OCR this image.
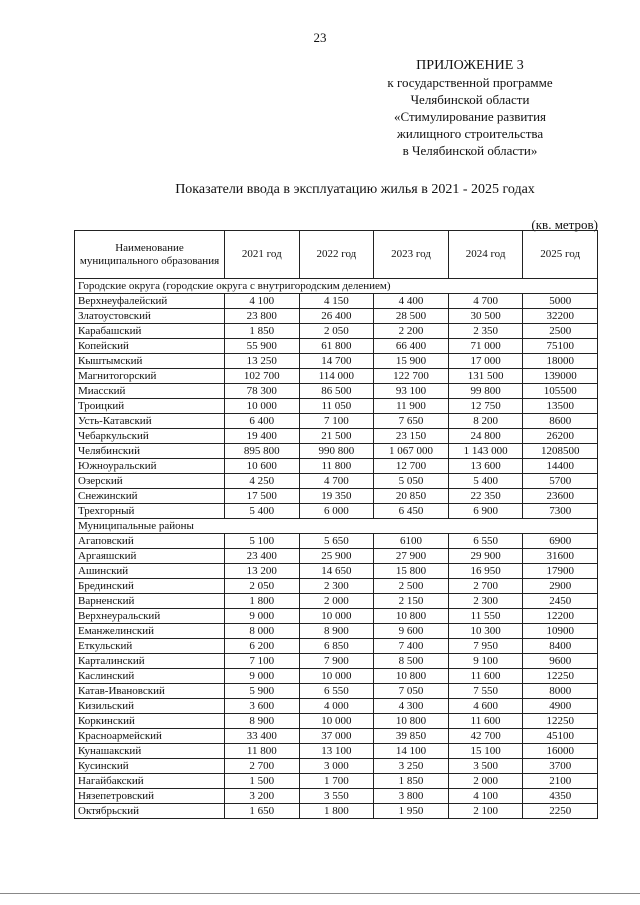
23
ПРИЛОЖЕНИЕ 3
к государственной программе
Челябинской области
«Стимулирование развития
жилищного строительства
в Челябинской области»
Показатели ввода в эксплуатацию жилья в 2021 - 2025 годах
(кв. метров)
Наименование муниципального образования	2021 год	2022 год	2023 год	2024 год	2025 год
Городские округа (городские округа с внутригородским делением)					
Верхнеуфалейский	4 100	4 150	4 400	4 700	5000
Златоустовский	23 800	26 400	28 500	30 500	32200
Карабашский	1 850	2 050	2 200	2 350	2500
Копейский	55 900	61 800	66 400	71 000	75100
Кыштымский	13 250	14 700	15 900	17 000	18000
Магнитогорский	102 700	114 000	122 700	131 500	139000
Миасский	78 300	86 500	93 100	99 800	105500
Троицкий	10 000	11 050	11 900	12 750	13500
Усть-Катавский	6 400	7 100	7 650	8 200	8600
Чебаркульский	19 400	21 500	23 150	24 800	26200
Челябинский	895 800	990 800	1 067 000	1 143 000	1208500
Южноуральский	10 600	11 800	12 700	13 600	14400
Озерский	4 250	4 700	5 050	5 400	5700
Снежинский	17 500	19 350	20 850	22 350	23600
Трехгорный	5 400	6 000	6 450	6 900	7300
Муниципальные районы					
Агаповский	5 100	5 650	6100	6 550	6900
Аргаяшский	23 400	25 900	27 900	29 900	31600
Ашинский	13 200	14 650	15 800	16 950	17900
Брединский	2 050	2 300	2 500	2 700	2900
Варненский	1 800	2 000	2 150	2 300	2450
Верхнеуральский	9 000	10 000	10 800	11 550	12200
Еманжелинский	8 000	8 900	9 600	10 300	10900
Еткульский	6 200	6 850	7 400	7 950	8400
Карталинский	7 100	7 900	8 500	9 100	9600
Каслинский	9 000	10 000	10 800	11 600	12250
Катав-Ивановский	5 900	6 550	7 050	7 550	8000
Кизильский	3 600	4 000	4 300	4 600	4900
Коркинский	8 900	10 000	10 800	11 600	12250
Красноармейский	33 400	37 000	39 850	42 700	45100
Кунашакский	11 800	13 100	14 100	15 100	16000
Кусинский	2 700	3 000	3 250	3 500	3700
Нагайбакский	1 500	1 700	1 850	2 000	2100
Нязепетровский	3 200	3 550	3 800	4 100	4350
Октябрьский	1 650	1 800	1 950	2 100	2250
